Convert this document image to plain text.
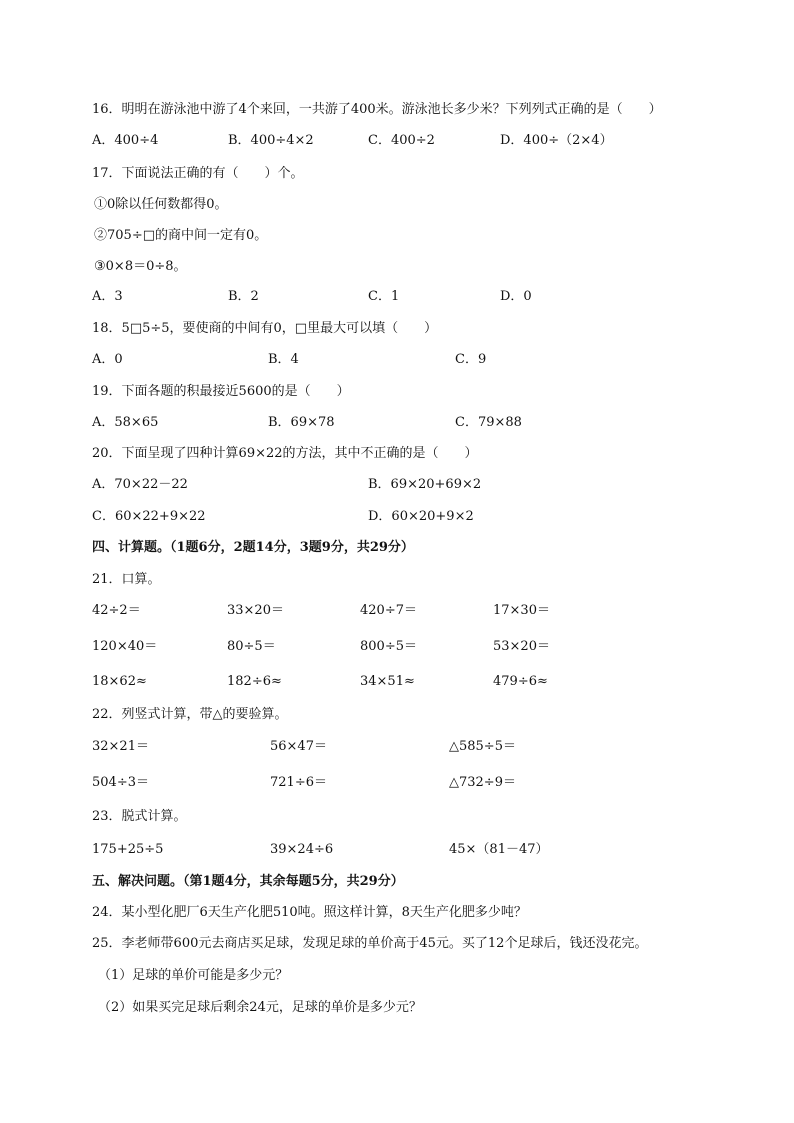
16．明明在游泳池中游了4个来回，一共游了400米。游泳池长多少米？下列列式正确的是（　　）
A．400÷4	B．400÷4×2	C．400÷2	D．400÷（2×4）
17．下面说法正确的有（　　）个。
①0除以任何数都得0。
②705÷□的商中间一定有0。
③0×8＝0÷8。
A．3	B．2	C．1	D．0
18．5□5÷5，要使商的中间有0，□里最大可以填（　　）
A．0	B．4	C．9
19．下面各题的积最接近5600的是（　　）
A．58×65	B．69×78	C．79×88
20．下面呈现了四种计算69×22的方法，其中不正确的是（　　）
A．70×22－22	B．69×20+69×2
C．60×22+9×22	D．60×20+9×2
四、计算题。（1题6分，2题14分，3题9分，共29分）
21．口算。
42÷2＝	33×20＝	420÷7＝	17×30＝
120×40＝	80÷5＝	800÷5＝	53×20＝
18×62≈	182÷6≈	34×51≈	479÷6≈
22．列竖式计算，带△的要验算。
32×21＝	56×47＝	△585÷5＝
504÷3＝	721÷6＝	△732÷9＝
23．脱式计算。
175+25÷5	39×24÷6	45×（81－47）
五、解决问题。（第1题4分，其余每题5分，共29分）
24．某小型化肥厂6天生产化肥510吨。照这样计算，8天生产化肥多少吨？
25．李老师带600元去商店买足球，发现足球的单价高于45元。买了12个足球后，钱还没花完。
（1）足球的单价可能是多少元？
（2）如果买完足球后剩余24元，足球的单价是多少元？
